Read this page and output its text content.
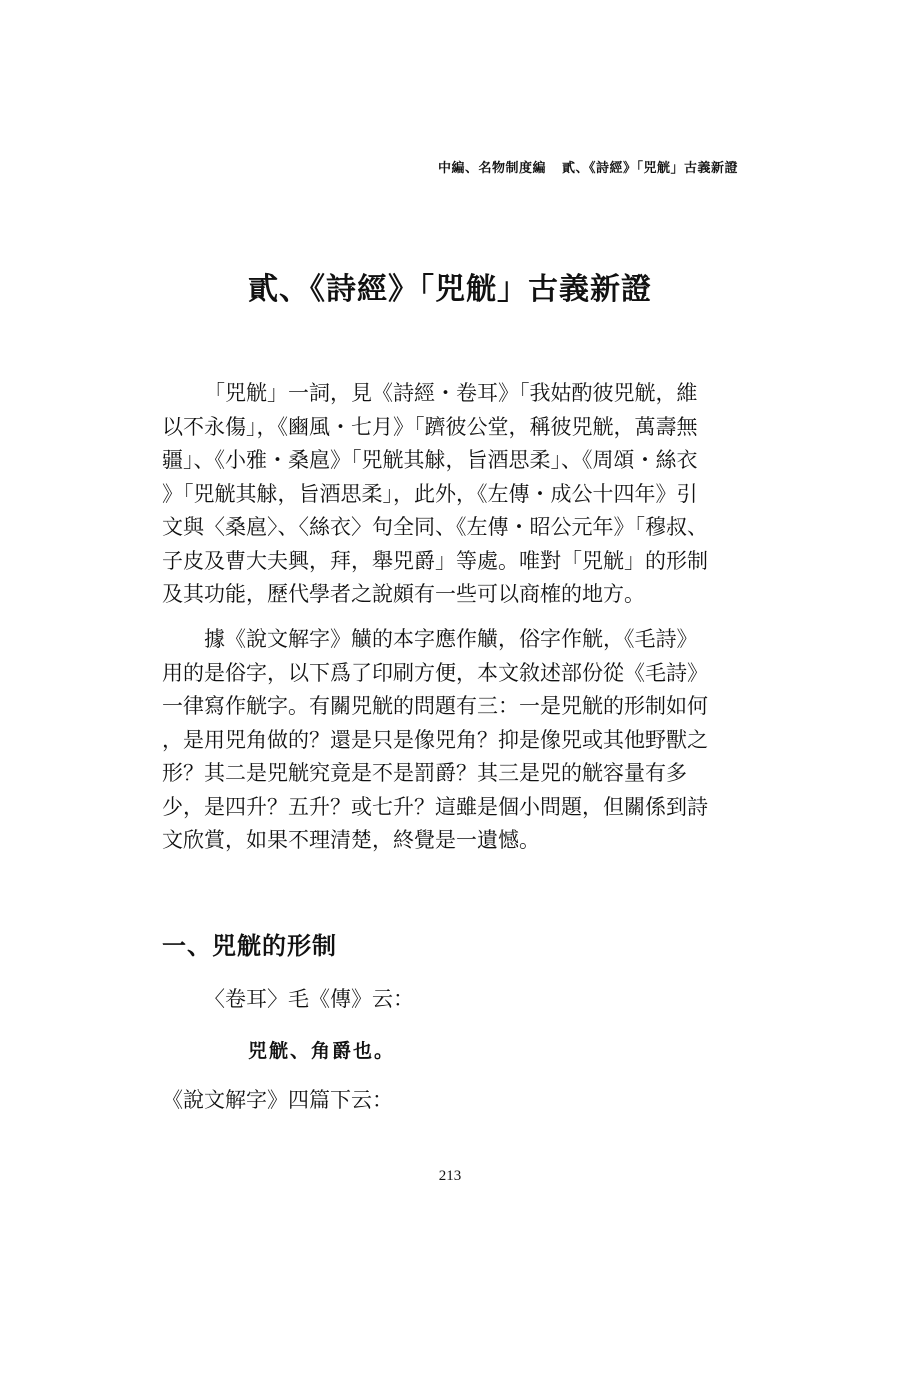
中編、名物制度編 貳、《詩經》「兕觥」古義新證
貳、《詩經》「兕觥」古義新證

「兕觥」一詞，見《詩經・卷耳》「我姑酌彼兕觥，維
以不永傷」，《豳風・七月》「躋彼公堂，稱彼兕觥，萬壽無
疆」、《小雅・桑扈》「兕觥其觩，旨酒思柔」、《周頌・絲衣
》「兕觥其觩，旨酒思柔」，此外，《左傳・成公十四年》引
文與〈桑扈〉、〈絲衣〉句全同、《左傳・昭公元年》「穆叔、
子皮及曹大夫興，拜，舉兕爵」等處。唯對「兕觥」的形制
及其功能，歷代學者之說頗有一些可以商榷的地方。

據《說文解字》觵的本字應作觵，俗字作觥，《毛詩》
用的是俗字，以下爲了印刷方便，本文敘述部份從《毛詩》
一律寫作觥字。有關兕觥的問題有三：一是兕觥的形制如何
，是用兕角做的？還是只是像兕角？抑是像兕或其他野獸之
形？其二是兕觥究竟是不是罰爵？其三是兕的觥容量有多
少，是四升？五升？或七升？這雖是個小問題，但關係到詩
文欣賞，如果不理清楚，終覺是一遺憾。

一、兕觥的形制
〈卷耳〉毛《傳》云：
兕觥、角爵也。
《說文解字》四篇下云：
213
